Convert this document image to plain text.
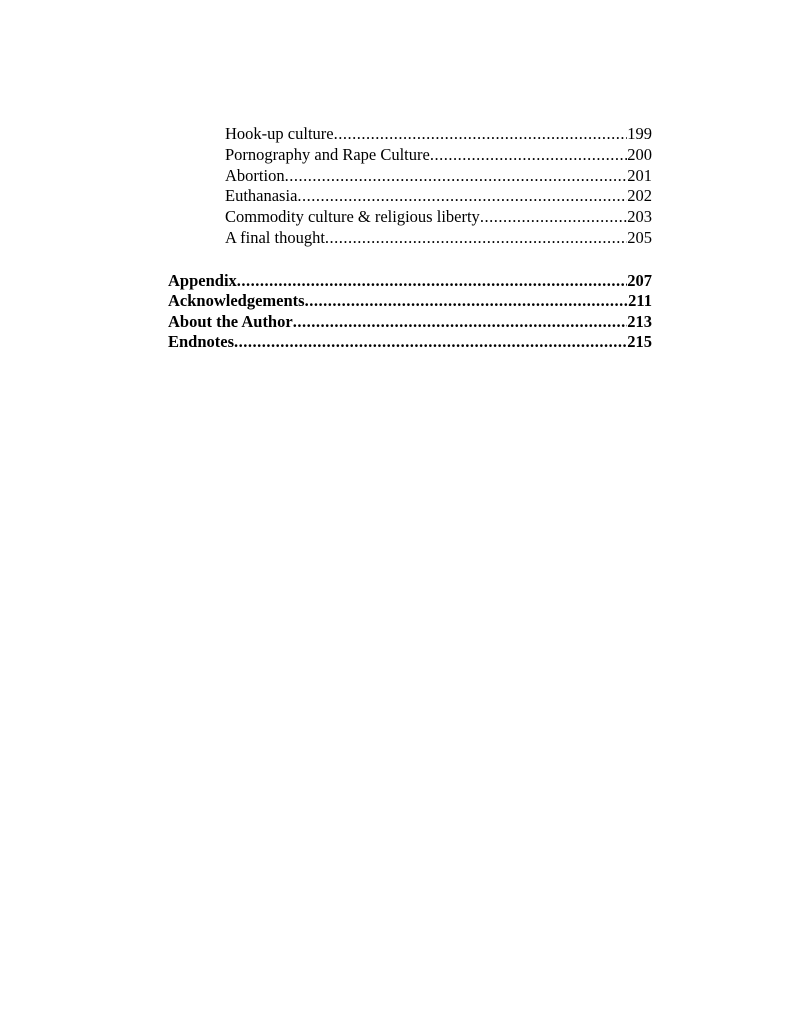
Hook-up culture .....	199
Pornography and Rape Culture .....	200
Abortion .....	201
Euthanasia .....	202
Commodity culture & religious liberty .....	203
A final thought .....	205
Appendix .....	207
Acknowledgements .....	211
About the Author .....	213
Endnotes .....	215
